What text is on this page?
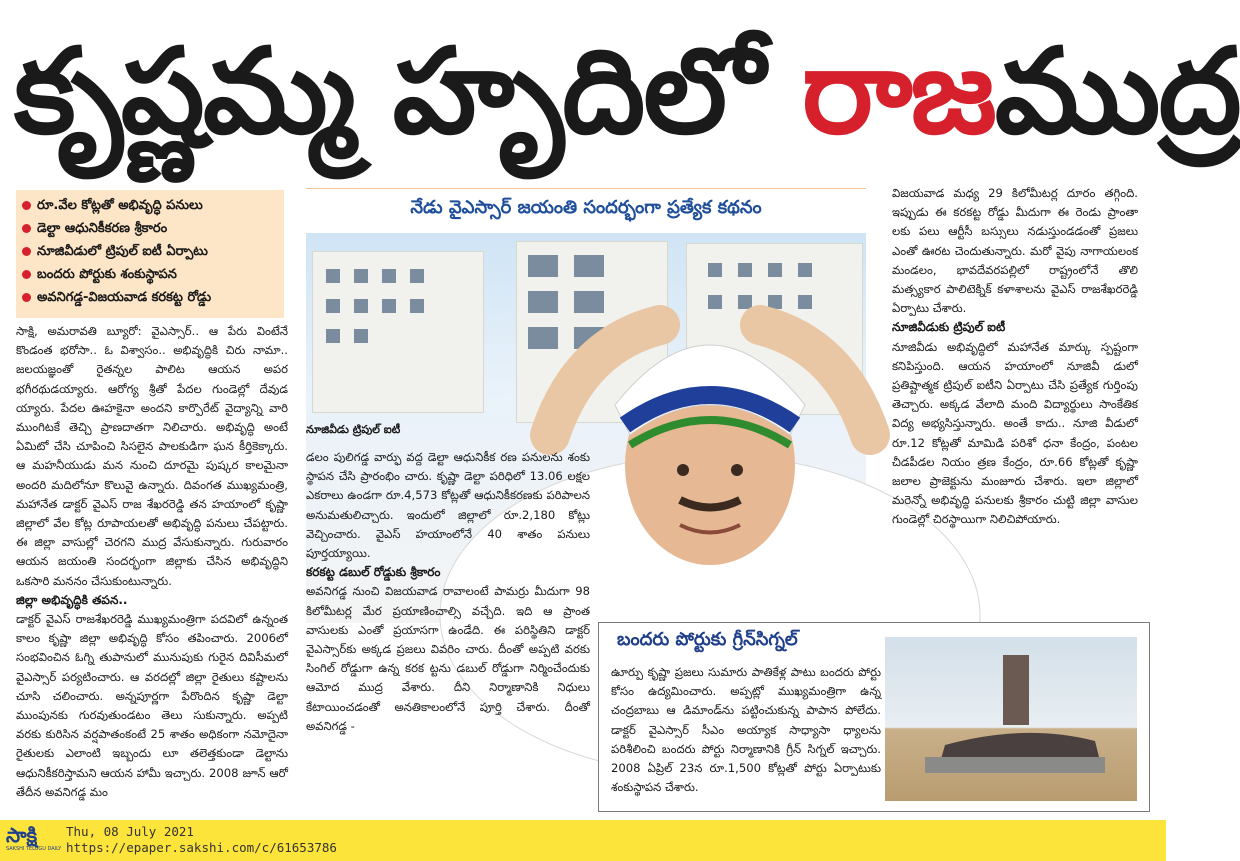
కృష్ణమ్మ హృదిలో రాజముద్ర
రూ.వేల కోట్లతో అభివృద్ధి పనులు
డెల్టా ఆధునికీకరణ శ్రీకారం
నూజివీడులో ట్రిపుల్ ఐటీ ఏర్పాటు
బందరు పోర్టుకు శంకుస్థాపన
అవనిగడ్డ-విజయవాడ కరకట్ట రోడ్డు

సాక్షి, అమరావతి బ్యూరో: వైఎస్సార్.. ఆ పేరు వింటేనే కొండంత భరోసా.. ఓ విశ్వాసం.. అభివృద్ధికి చిరు నామా.. జలయజ్ఞంతో రైతన్నల పాలిట ఆయన అపర భగీరథుడయ్యారు. ఆరోగ్య శ్రీతో పేదల గుండెల్లో దేవుడ య్యారు. పేదల ఊహకైనా అందని కార్పొరేట్ వైద్యాన్ని వారి ముంగిటకే తెచ్చి ప్రాణదాతగా నిలిచారు. అభివృద్ధి అంటే ఏమిటో చేసి చూపించి సిసలైన పాలకుడిగా ఘన కీర్తికెక్కారు. ఆ మహనీయుడు మన నుంచి దూరమై పుష్కర కాలమైనా అందరి మదిలోనూ కొలువై ఉన్నారు. దివంగత ముఖ్యమంత్రి, మహానేత డాక్టర్ వైఎస్ రాజ శేఖరరెడ్డి తన హయాంలో కృష్ణా జిల్లాలో వేల కోట్ల రూపాయలతో అభివృద్ధి పనులు చేపట్టారు. ఈ జిల్లా వాసుల్లో చెరగని ముద్ర వేసుకున్నారు. గురువారం ఆయన జయంతి సందర్భంగా జిల్లాకు చేసిన అభివృద్ధిని ఒకసారి మననం చేసుకుంటున్నారు.

జిల్లా అభివృద్ధికి తపన..

డాక్టర్ వైఎస్ రాజశేఖరరెడ్డి ముఖ్యమంత్రిగా పదవిలో ఉన్నంత కాలం కృష్ణా జిల్లా అభివృద్ధి కోసం తపించారు. 2006లో సంభవించిన ఓగ్ని తుపానులో మునుపుకు గురైన దివిసీమలో వైఎస్సార్ పర్యటించారు. ఆ వరదల్లో జిల్లా రైతులు కష్టాలను చూసి చలించారు. అన్నపూర్ణగా పేరొందిన కృష్ణా డెల్టా ముంపునకు గురవుతుండటం తెలు సుకున్నారు. అప్పటి వరకు కురిసిన వర్షపాతంకంటే 25 శాతం అధికంగా నమోదైనా రైతులకు ఎలాంటి ఇబ్బందు లూ తలెత్తకుండా డెల్టాను ఆధునికీకరిస్తామని ఆయన హామీ ఇచ్చారు. 2008 జూన్ ఆరో తేదీన అవనిగడ్డ మం

నేడు వైఎస్సార్ జయంతి సందర్భంగా ప్రత్యేక కథనం
నూజివీడు ట్రిపుల్ ఐటీ

డలం పులిగడ్డ వార్ఫు వద్ద డెల్టా ఆధునికీక రణ పనులను శంకు స్థాపన చేసి ప్రారంభిం చారు. కృష్ణా డెల్టా పరిధిలో 13.06 లక్షల ఎకరాలు ఉండగా రూ.4,573 కోట్లతో ఆధునికీకరణకు పరిపాలన అనుమతులిచ్చారు. ఇందులో జిల్లాలో రూ.2,180 కోట్లు వెచ్చించారు. వైఎస్ హయాంలోనే 40 శాతం పనులు పూర్తయ్యాయి.

కరకట్ట డబుల్ రోడ్డుకు శ్రీకారం

అవనిగడ్డ నుంచి విజయవాడ రావాలంటే పామర్రు మీదుగా 98 కిలోమీటర్ల మేర ప్రయాణించాల్సి వచ్చేది. ఇది ఆ ప్రాంత వాసులకు ఎంతో ప్రయాసగా ఉండేది. ఈ పరిస్థితిని డాక్టర్ వైఎస్సార్‌కు అక్కడ ప్రజలు వివరిం చారు. దీంతో అప్పటి వరకు సింగిల్ రోడ్డుగా ఉన్న కరక ట్టను డబుల్ రోడ్డుగా నిర్మించేందుకు ఆమోద ముద్ర వేశారు. దీని నిర్మాణానికి నిధులు కేటాయించడంతో అనతికాలంలోనే పూర్తి చేశారు. దీంతో అవనిగడ్డ -

విజయవాడ మధ్య 29 కిలోమీటర్ల దూరం తగ్గింది. ఇప్పుడు ఈ కరకట్ట రోడ్డు మీదుగా ఈ రెండు ప్రాంతా లకు పలు ఆర్టీసీ బస్సులు నడుస్తుండడంతో ప్రజలు ఎంతో ఊరట చెందుతున్నారు. మరో వైపు నాగాయలంక మండలం, భావదేవరపల్లిలో రాష్ట్రంలోనే తొలి మత్స్యకార పాలిటెక్నిక్ కళాశాలను వైఎస్ రాజశేఖరరెడ్డి ఏర్పాటు చేశారు.

నూజివీడుకు ట్రిపుల్ ఐటీ

నూజివీడు అభివృద్ధిలో మహానేత మార్కు స్పష్టంగా కనిపిస్తుంది. ఆయన హయాంలో నూజివీ డులో ప్రతిష్టాత్మక ట్రిపుల్ ఐటీని ఏర్పాటు చేసి ప్రత్యేక గుర్తింపు తెచ్చారు. అక్కడ వేలాది మంది విద్యార్థులు సాంకేతిక విద్య అభ్యసిస్తున్నారు. అంతే కాదు.. నూజి వీడులో రూ.12 కోట్లతో మామిడి పరిశో ధనా కేంద్రం, పంటల చీడపీడల నియం త్రణ కేంద్రం, రూ.66 కోట్లతో కృష్ణా జలాల ప్రాజెక్టును మంజూరు చేశారు. ఇలా జిల్లాలో మరెన్నో అభివృద్ధి పనులకు శ్రీకారం చుట్టి జిల్లా వాసుల గుండెల్లో చిరస్థాయిగా నిలిచిపోయారు.

బందరు పోర్టుకు గ్రీన్‌సిగ్నల్
ఉూర్పు కృష్ణా ప్రజలు సుమారు పాతికేళ్ల పాటు బందరు పోర్టు కోసం ఉద్యమించారు. అప్పట్లో ముఖ్యమంత్రిగా ఉన్న చంద్రబాబు ఆ డిమాండ్‌ను పట్టించుకున్న పాపాన పోలేదు. డాక్టర్ వైఎస్సార్ సీఎం అయ్యాక సాధ్యాసా ధ్యాలను పరిశీలించి బందరు పోర్టు నిర్మాణానికి గ్రీన్ సిగ్నల్ ఇచ్చారు. 2008 ఏప్రిల్ 23న రూ.1,500 కోట్లతో పోర్టు ఏర్పాటుకు శంకుస్థాపన చేశారు.
సాక్షి
SAKSHI TELUGU DAILY
Thu, 08 July 2021
https://epaper.sakshi.com/c/61653786
